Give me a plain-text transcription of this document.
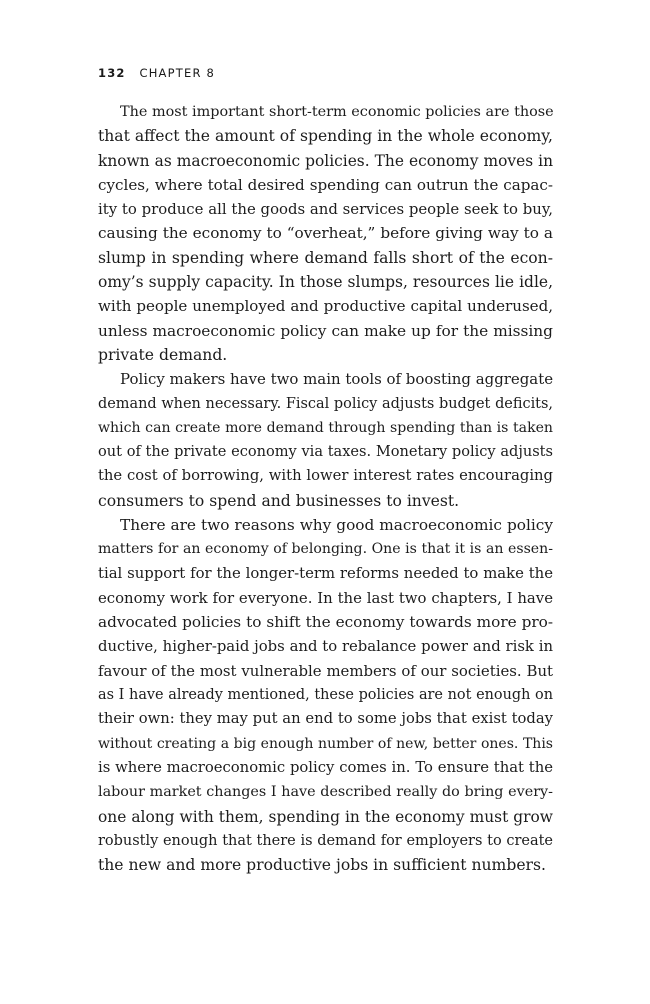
132 CHAPTER 8
The most important short-term economic policies are those
that affect the amount of spending in the whole economy,
known as macroeconomic policies. The economy moves in
cycles, where total desired spending can outrun the capac-
ity to produce all the goods and services people seek to buy,
causing the economy to “overheat,” before giving way to a
slump in spending where demand falls short of the econ-
omy’s supply capacity. In those slumps, resources lie idle,
with people unemployed and productive capital underused,
unless macroeconomic policy can make up for the missing
private demand.
Policy makers have two main tools of boosting aggregate
demand when necessary. Fiscal policy adjusts budget deficits,
which can create more demand through spending than is taken
out of the private economy via taxes. Monetary policy adjusts
the cost of borrowing, with lower interest rates encouraging
consumers to spend and businesses to invest.
There are two reasons why good macroeconomic policy
matters for an economy of belonging. One is that it is an essen-
tial support for the longer-term reforms needed to make the
economy work for everyone. In the last two chapters, I have
advocated policies to shift the economy towards more pro-
ductive, higher-paid jobs and to rebalance power and risk in
favour of the most vulnerable members of our societies. But
as I have already mentioned, these policies are not enough on
their own: they may put an end to some jobs that exist today
without creating a big enough number of new, better ones. This
is where macroeconomic policy comes in. To ensure that the
labour market changes I have described really do bring every-
one along with them, spending in the economy must grow
robustly enough that there is demand for employers to create
the new and more productive jobs in sufficient numbers.
